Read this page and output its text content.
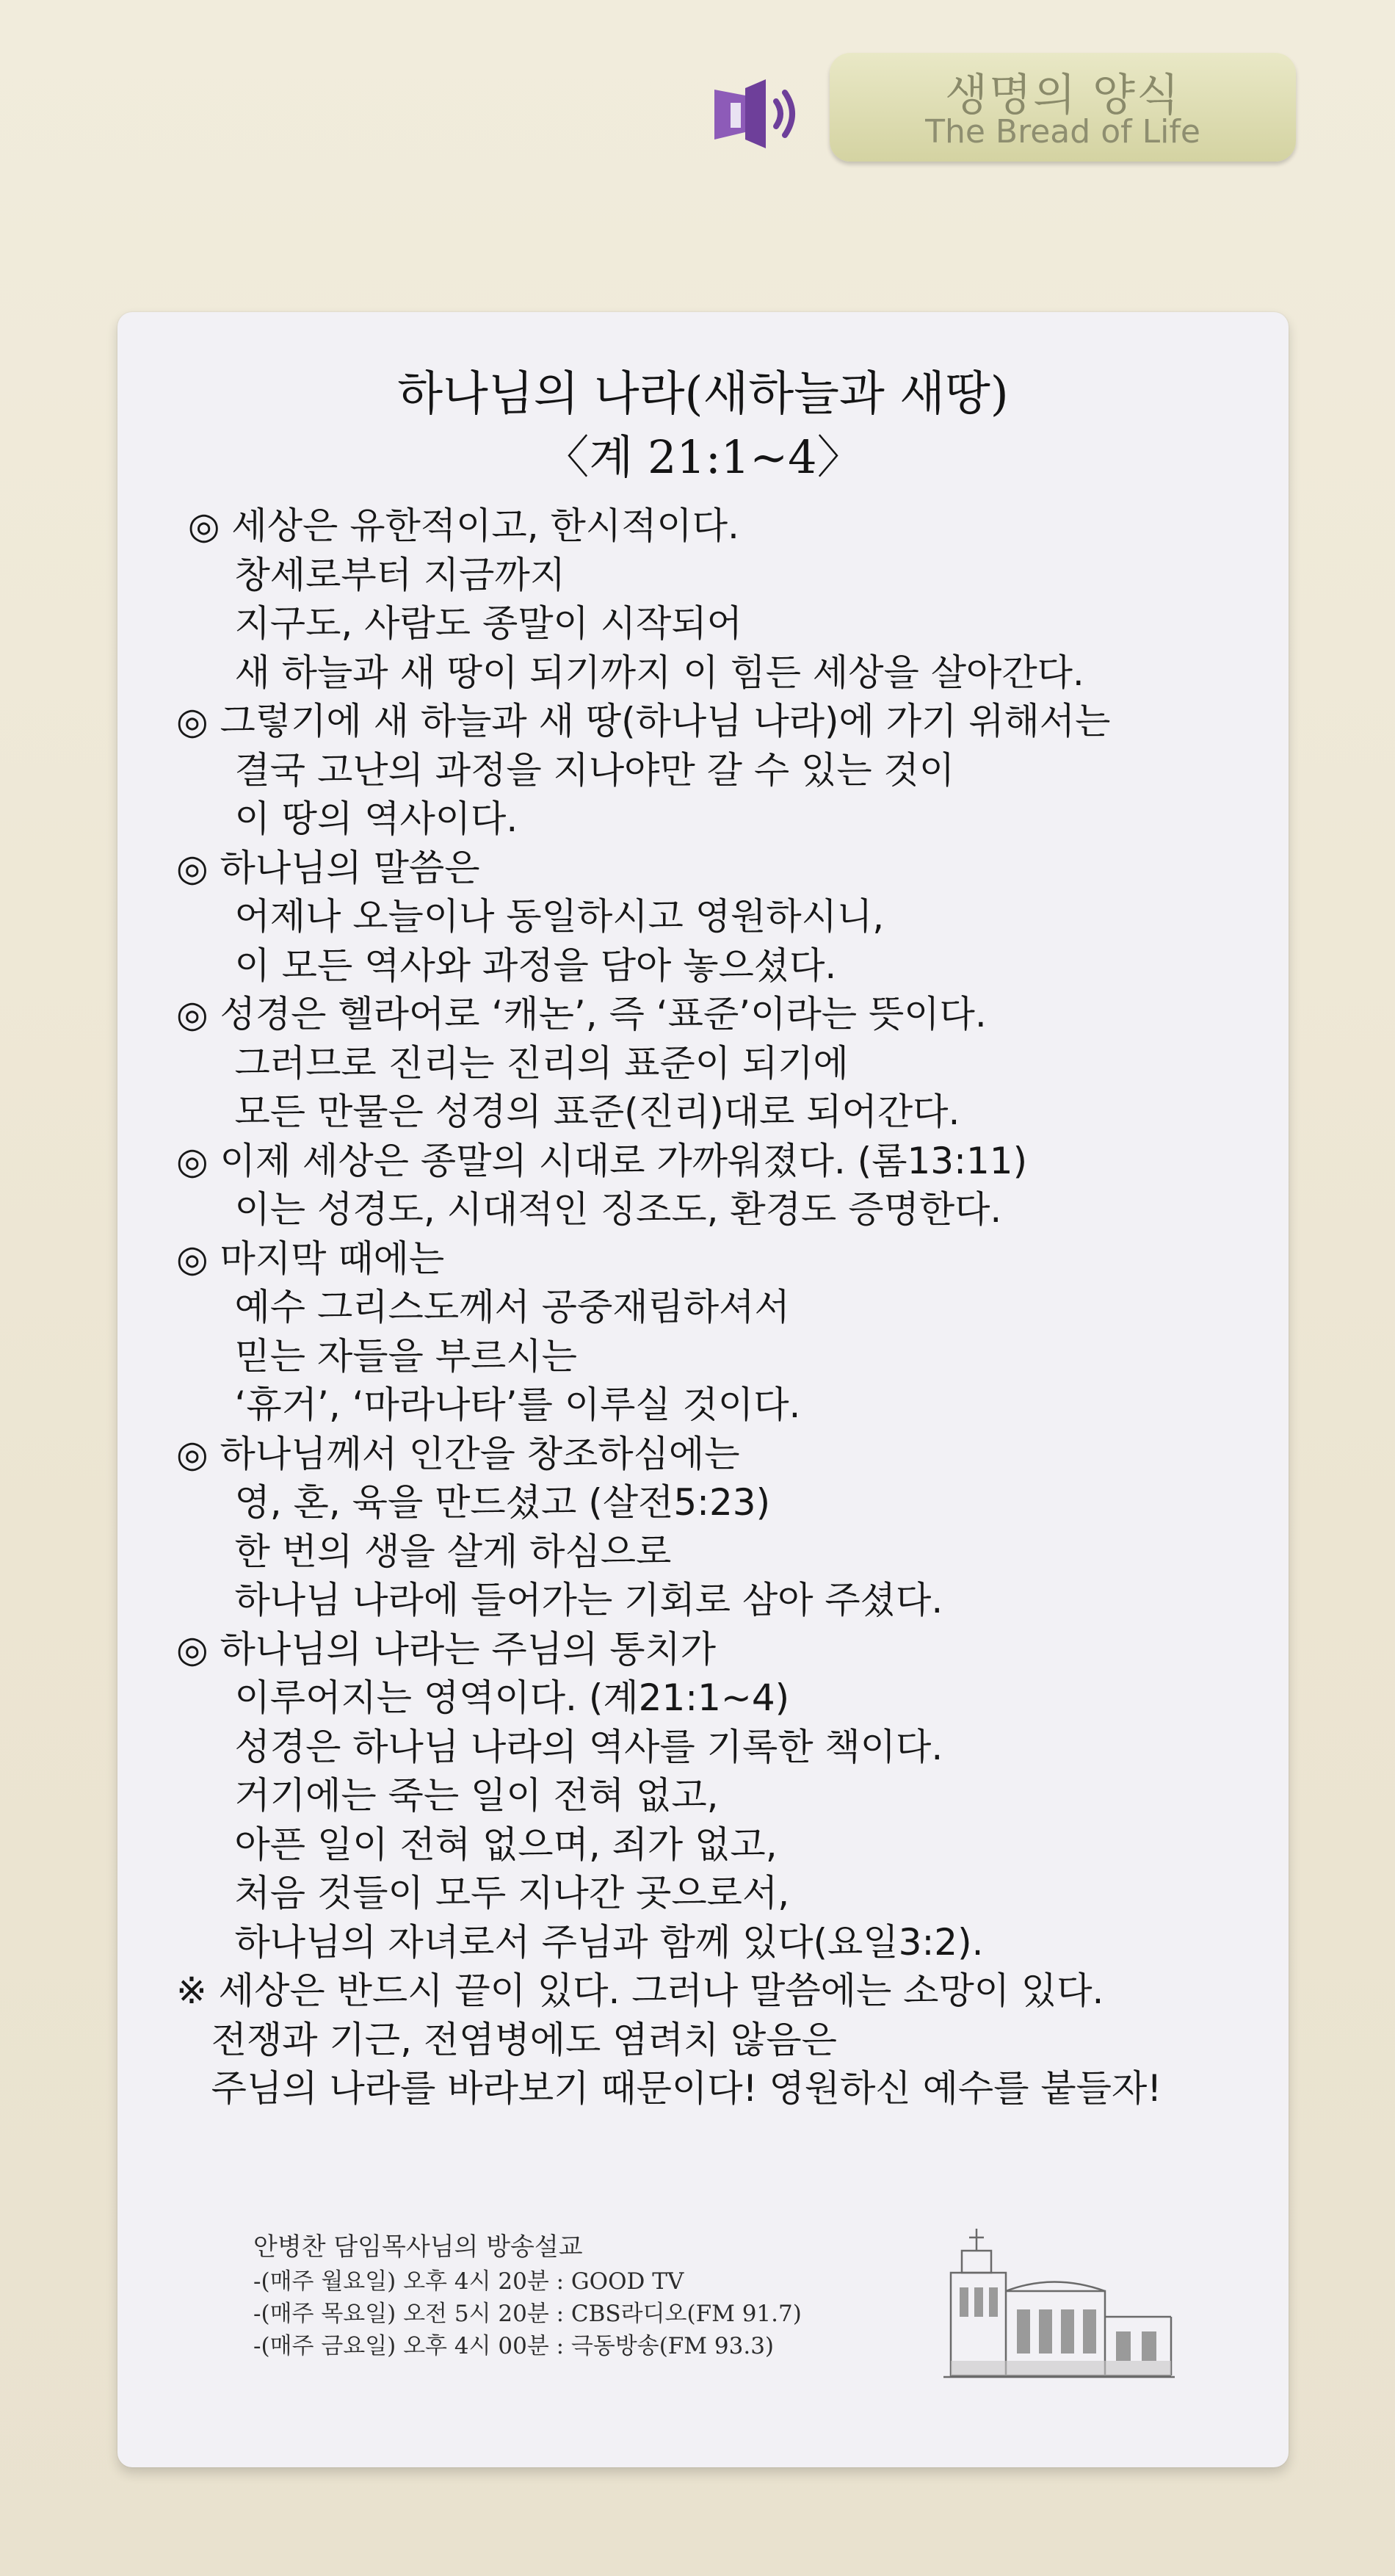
생명의 양식
The Bread of Life
하나님의 나라(새하늘과 새땅)
〈계 21:1~4〉
◎ 세상은 유한적이고, 한시적이다.
창세로부터 지금까지
지구도, 사람도 종말이 시작되어
새 하늘과 새 땅이 되기까지 이 힘든 세상을 살아간다.
◎ 그렇기에 새 하늘과 새 땅(하나님 나라)에 가기 위해서는
결국 고난의 과정을 지나야만 갈 수 있는 것이
이 땅의 역사이다.
◎ 하나님의 말씀은
어제나 오늘이나 동일하시고 영원하시니,
이 모든 역사와 과정을 담아 놓으셨다.
◎ 성경은 헬라어로 ‘캐논’, 즉 ‘표준’이라는 뜻이다.
그러므로 진리는 진리의 표준이 되기에
모든 만물은 성경의 표준(진리)대로 되어간다.
◎ 이제 세상은 종말의 시대로 가까워졌다. (롬13:11)
이는 성경도, 시대적인 징조도, 환경도 증명한다.
◎ 마지막 때에는
예수 그리스도께서 공중재림하셔서
믿는 자들을 부르시는
‘휴거’, ‘마라나타’를 이루실 것이다.
◎ 하나님께서 인간을 창조하심에는
영, 혼, 육을 만드셨고 (살전5:23)
한 번의 생을 살게 하심으로
하나님 나라에 들어가는 기회로 삼아 주셨다.
◎ 하나님의 나라는 주님의 통치가
이루어지는 영역이다. (계21:1~4)
성경은 하나님 나라의 역사를 기록한 책이다.
거기에는 죽는 일이 전혀 없고,
아픈 일이 전혀 없으며, 죄가 없고,
처음 것들이 모두 지나간 곳으로서,
하나님의 자녀로서 주님과 함께 있다(요일3:2).
※ 세상은 반드시 끝이 있다. 그러나 말씀에는 소망이 있다.
전쟁과 기근, 전염병에도 염려치 않음은
주님의 나라를 바라보기 때문이다! 영원하신 예수를 붙들자!
안병찬 담임목사님의 방송설교
-(매주 월요일) 오후 4시 20분 : GOOD TV
-(매주 목요일) 오전 5시 20분 : CBS라디오(FM 91.7)
-(매주 금요일) 오후 4시 00분 : 극동방송(FM 93.3)
